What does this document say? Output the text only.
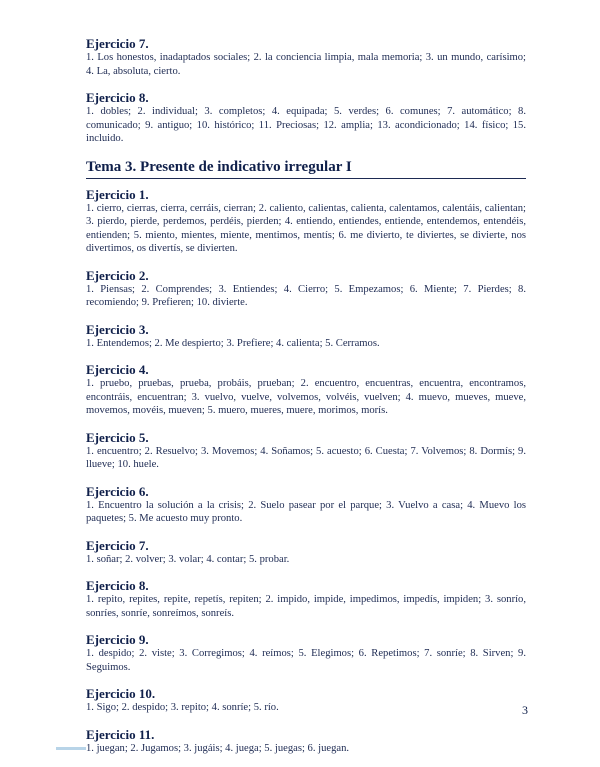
Ejercicio 7.

1. Los honestos, inadaptados sociales; 2. la conciencia limpia, mala memoria; 3. un mundo, carísimo; 4. La, absoluta, cierto.

Ejercicio 8.

1. dobles; 2. individual; 3. completos; 4. equipada; 5. verdes; 6. comunes; 7. automático; 8. comunicado; 9. antiguo; 10. histórico; 11. Preciosas; 12. amplia; 13. acondicionado; 14. físico; 15. incluido.

Tema 3. Presente de indicativo irregular I

Ejercicio 1.

1. cierro, cierras, cierra, cerráis, cierran; 2. caliento, calientas, calienta, calentamos, calentáis, calientan; 3. pierdo, pierde, perdemos, perdéis, pierden; 4. entiendo, entiendes, entiende, entendemos, entendéis, entienden; 5. miento, mientes, miente, mentimos, mentís; 6. me divierto, te diviertes, se divierte, nos divertimos, os divertís, se divierten.

Ejercicio 2.

1. Piensas; 2. Comprendes; 3. Entiendes; 4. Cierro; 5. Empezamos; 6. Miente; 7. Pierdes; 8. recomiendo; 9. Prefieren; 10. divierte.

Ejercicio 3.

1. Entendemos; 2. Me despierto; 3. Prefiere; 4. calienta; 5. Cerramos.

Ejercicio 4.

1. pruebo, pruebas, prueba, probáis, prueban; 2. encuentro, encuentras, encuentra, encontramos, encontráis, encuentran; 3. vuelvo, vuelve, volvemos, volvéis, vuelven; 4. muevo, mueves, mueve, movemos, movéis, mueven; 5. muero, mueres, muere, morimos, morís.

Ejercicio 5.

1. encuentro; 2. Resuelvo; 3. Movemos; 4. Soñamos; 5. acuesto; 6. Cuesta; 7. Volvemos; 8. Dormís; 9. llueve; 10. huele.

Ejercicio 6.

1. Encuentro la solución a la crisis; 2. Suelo pasear por el parque; 3. Vuelvo a casa; 4. Muevo los paquetes; 5. Me acuesto muy pronto.

Ejercicio 7.

1. soñar; 2. volver; 3. volar; 4. contar; 5. probar.

Ejercicio 8.

1. repito, repites, repite, repetís, repiten; 2. impido, impide, impedimos, impedís, impiden; 3. sonrío, sonríes, sonríe, sonreímos, sonreís.

Ejercicio 9.

1. despido; 2. viste; 3. Corregimos; 4. reímos; 5. Elegimos; 6. Repetimos; 7. sonríe; 8. Sirven; 9. Seguimos.

Ejercicio 10.

1. Sigo; 2. despido; 3. repito; 4. sonríe; 5. río.

Ejercicio 11.

1. juegan; 2. Jugamos; 3. jugáis; 4. juega; 5. juegas; 6. juegan.

3
